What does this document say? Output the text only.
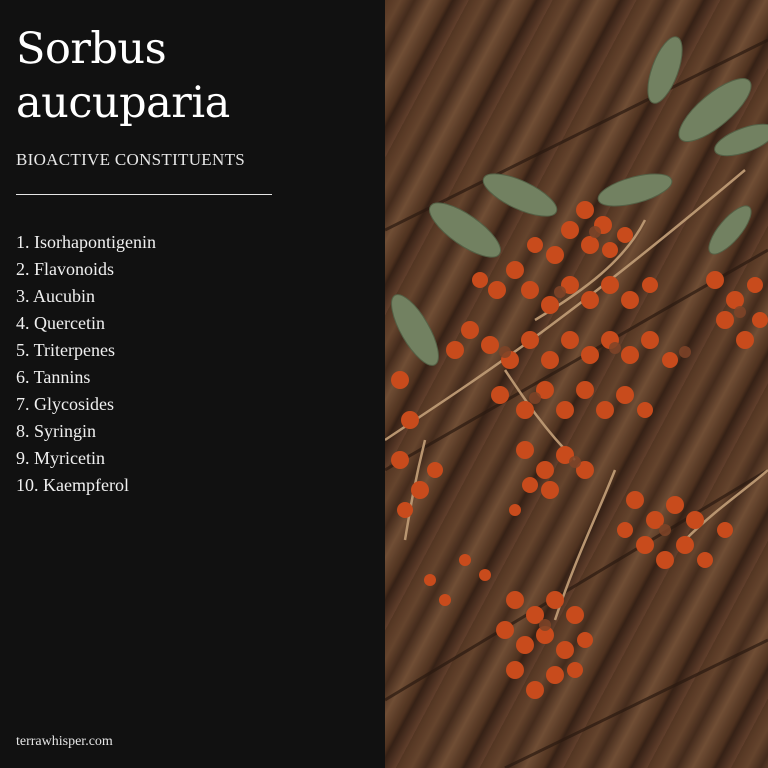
Sorbus
aucuparia
BIOACTIVE CONSTITUENTS
1. Isorhapontigenin
2. Flavonoids
3. Aucubin
4. Quercetin
5. Triterpenes
6. Tannins
7. Glycosides
8. Syringin
9. Myricetin
10. Kaempferol
terrawhisper.com
